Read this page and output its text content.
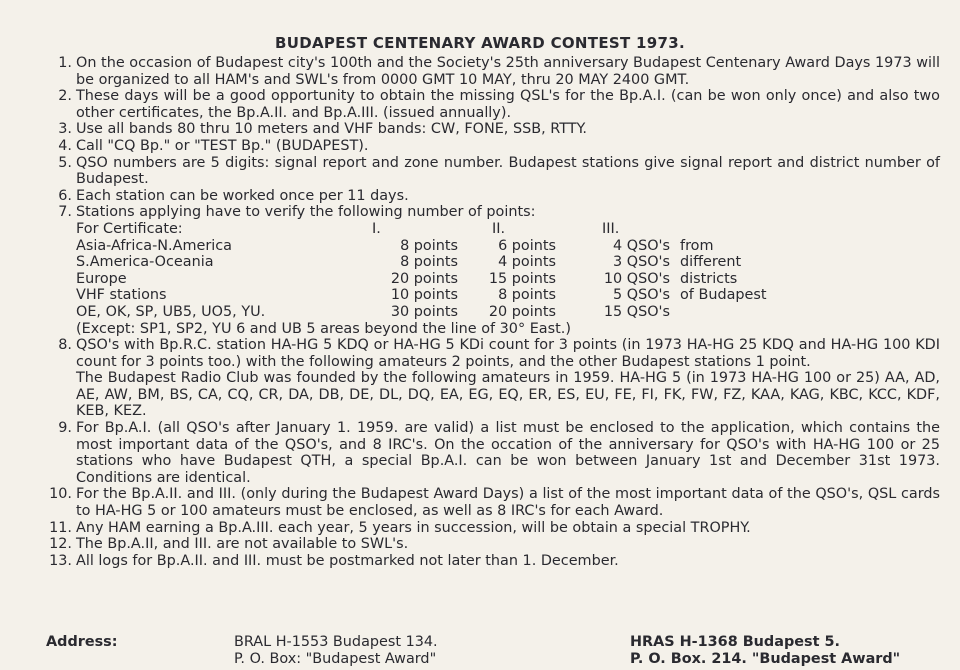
BUDAPEST CENTENARY AWARD CONTEST 1973.
1. On the occasion of Budapest city's 100th and the Society's 25th anniversary Budapest Centenary Award Days 1973 will be organized to all HAM's and SWL's from 0000 GMT 10 MAY, thru 20 MAY 2400 GMT.

2. These days will be a good opportunity to obtain the missing QSL's for the Bp.A.I. (can be won only once) and also two other certificates, the Bp.A.II. and Bp.A.III. (issued annually).

3. Use all bands 80 thru 10 meters and VHF bands: CW, FONE, SSB, RTTY.

4. Call "CQ Bp." or "TEST Bp." (BUDAPEST).

5. QSO numbers are 5 digits: signal report and zone number. Budapest stations give signal report and district number of Budapest.

6. Each station can be worked once per 11 days.

7. Stations applying have to verify the following number of points:

For Certificate:	I.	II.	III.
Asia-Africa-N.America	8 points	6 points	4 QSO's from
S.America-Oceania	8 points	4 points	3 QSO's different
Europe	20 points	15 points	10 QSO's districts
VHF stations	10 points	8 points	5 QSO's of Budapest
OE, OK, SP, UB5, UO5, YU.	30 points	20 points	15 QSO's

(Except: SP1, SP2, YU 6 and UB 5 areas beyond the line of 30° East.)

8. QSO's with Bp.R.C. station HA-HG 5 KDQ or HA-HG 5 KDi count for 3 points (in 1973 HA-HG 25 KDQ and HA-HG 100 KDI count for 3 points too.) with the following amateurs 2 points, and the other Budapest stations 1 point.

The Budapest Radio Club was founded by the following amateurs in 1959. HA-HG 5 (in 1973 HA-HG 100 or 25) AA, AD, AE, AW, BM, BS, CA, CQ, CR, DA, DB, DE, DL, DQ, EA, EG, EQ, ER, ES, EU, FE, FI, FK, FW, FZ, KAA, KAG, KBC, KCC, KDF, KEB, KEZ.

9. For Bp.A.I. (all QSO's after January 1. 1959. are valid) a list must be enclosed to the application, which contains the most important data of the QSO's, and 8 IRC's. On the occation of the anniversary for QSO's with HA-HG 100 or 25 stations who have Budapest QTH, a special Bp.A.I. can be won between January 1st and December 31st 1973. Conditions are identical.

10. For the Bp.A.II. and III. (only during the Budapest Award Days) a list of the most important data of the QSO's, QSL cards to HA-HG 5 or 100 amateurs must be enclosed, as well as 8 IRC's for each Award.

11. Any HAM earning a Bp.A.III. each year, 5 years in succession, will be obtain a special TROPHY.

12. The Bp.A.II, and III. are not available to SWL's.

13. All logs for Bp.A.II. and III. must be postmarked not later than 1. December.

Address:	BRAL H-1553 Budapest 134.
P. O. Box: "Budapest Award"
HRAS H-1368 Budapest 5.
P. O. Box. 214. "Budapest Award"
